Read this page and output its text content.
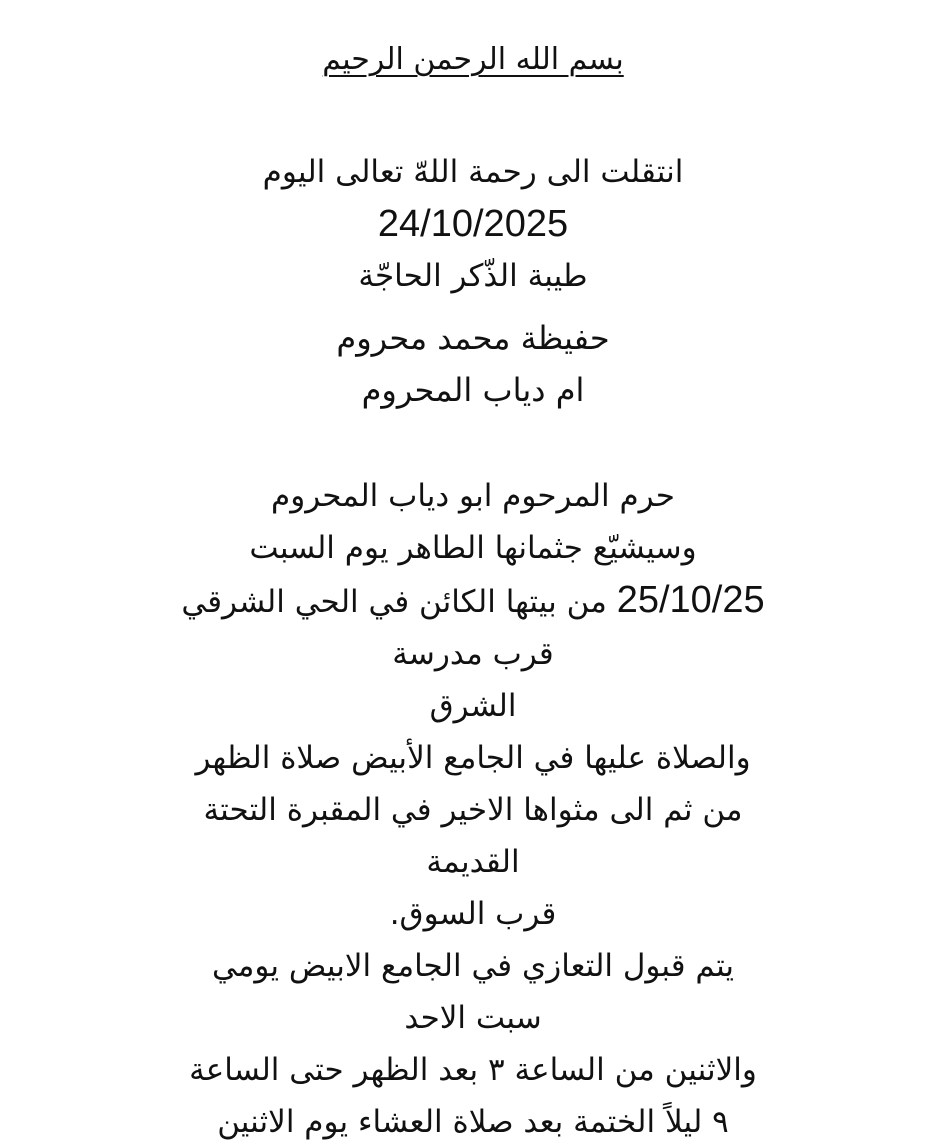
بسم الله الرحمن الرحيم
انتقلت الى رحمة اللهّ تعالى اليوم
24/10/2025
طيبة الذّكر الحاجّة
حفيظة محمد محروم
ام دياب المحروم
حرم المرحوم ابو دياب المحروم
وسيشيّع جثمانها الطاهر يوم السبت
25/10/25 من بيتها الكائن في الحي الشرقي
قرب مدرسة
الشرق
والصلاة عليها في الجامع الأبيض صلاة الظهر
من ثم الى مثواها الاخير في المقبرة التحتة
القديمة
قرب السوق.
يتم قبول التعازي في الجامع الابيض يومي
سبت الاحد
والاثنين من الساعة ٣ بعد الظهر حتى الساعة
٩ ليلاً الختمة بعد صلاة العشاء يوم الاثنين
